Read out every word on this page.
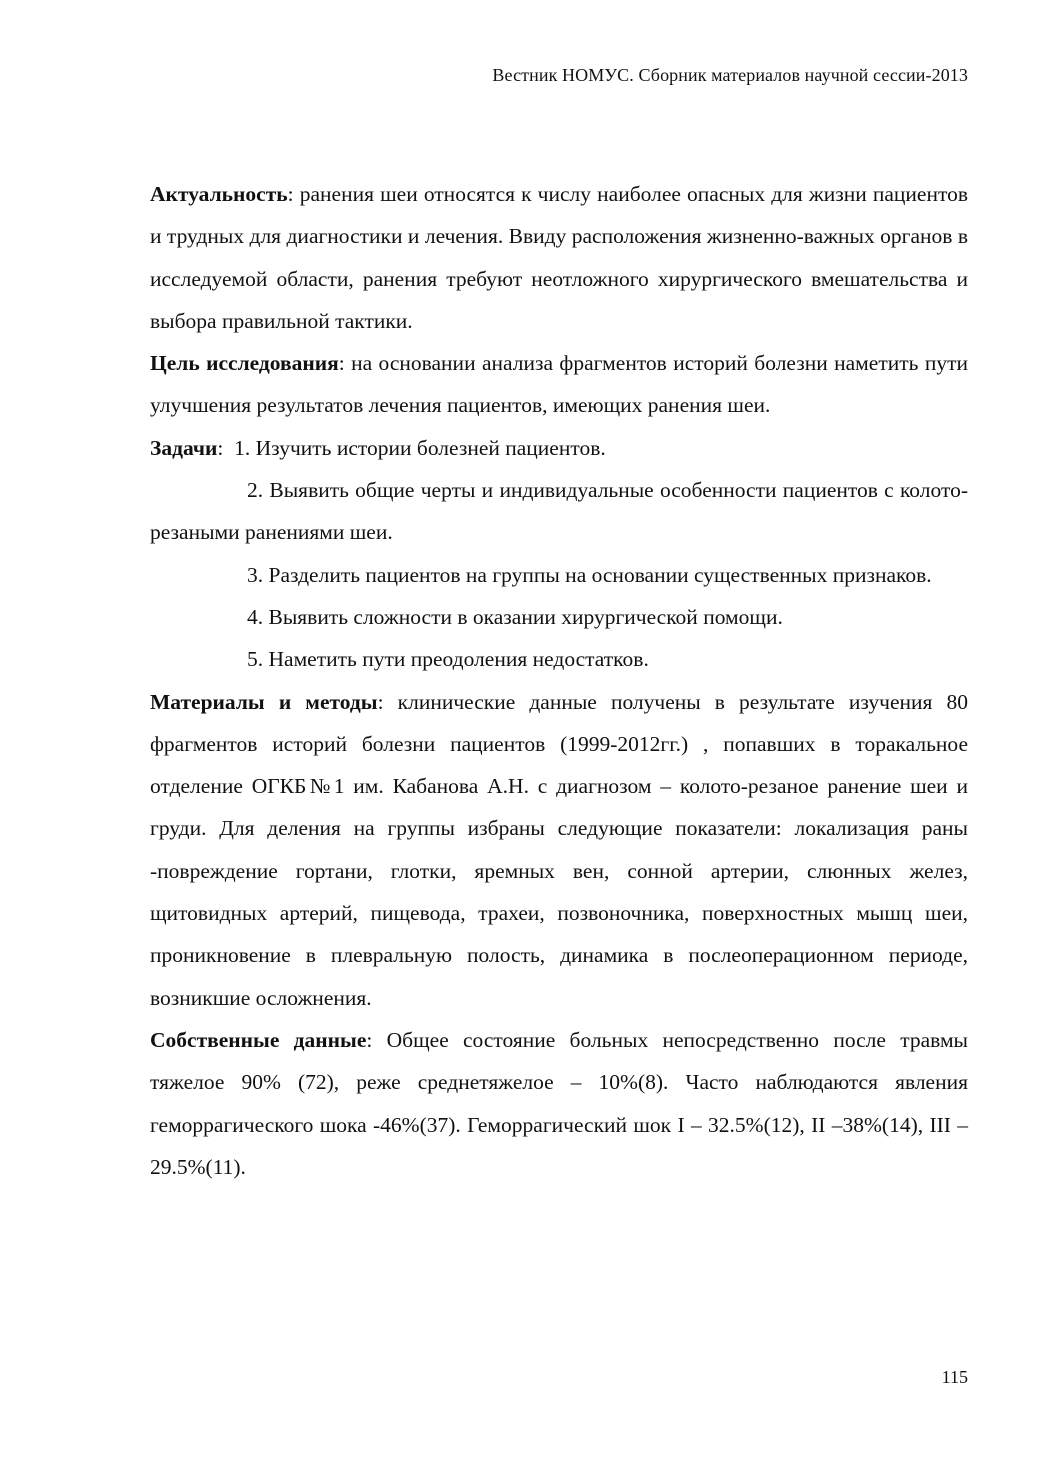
Вестник НОМУС. Сборник материалов научной сессии-2013

Актуальность: ранения шеи относятся к числу наиболее опасных для жизни пациентов и трудных для диагностики и лечения. Ввиду расположения жизненно-важных органов в исследуемой области, ранения требуют неотложного хирургического вмешательства и выбора правильной тактики.

Цель исследования: на основании анализа фрагментов историй болезни наметить пути улучшения результатов лечения пациентов, имеющих ранения шеи.

Задачи: 1. Изучить истории болезней пациентов.

2. Выявить общие черты и индивидуальные особенности пациентов с колото-резаными ранениями шеи.

3. Разделить пациентов на группы на основании существенных признаков.

4. Выявить сложности в оказании хирургической помощи.

5. Наметить пути преодоления недостатков.

Материалы и методы: клинические данные получены в результате изучения 80 фрагментов историй болезни пациентов (1999-2012гг.) , попавших в торакальное отделение ОГКБ№1 им. Кабанова А.Н. с диагнозом – колото-резаное ранение шеи и груди. Для деления на группы избраны следующие показатели: локализация раны -повреждение гортани, глотки, яремных вен, сонной артерии, слюнных желез, щитовидных артерий, пищевода, трахеи, позвоночника, поверхностных мышц шеи, проникновение в плевральную полость, динамика в послеоперационном периоде, возникшие осложнения.

Собственные данные: Общее состояние больных непосредственно после травмы тяжелое 90% (72), реже среднетяжелое – 10%(8). Часто наблюдаются явления геморрагического шока -46%(37). Геморрагический шок I – 32.5%(12), II –38%(14), III –29.5%(11).

115
